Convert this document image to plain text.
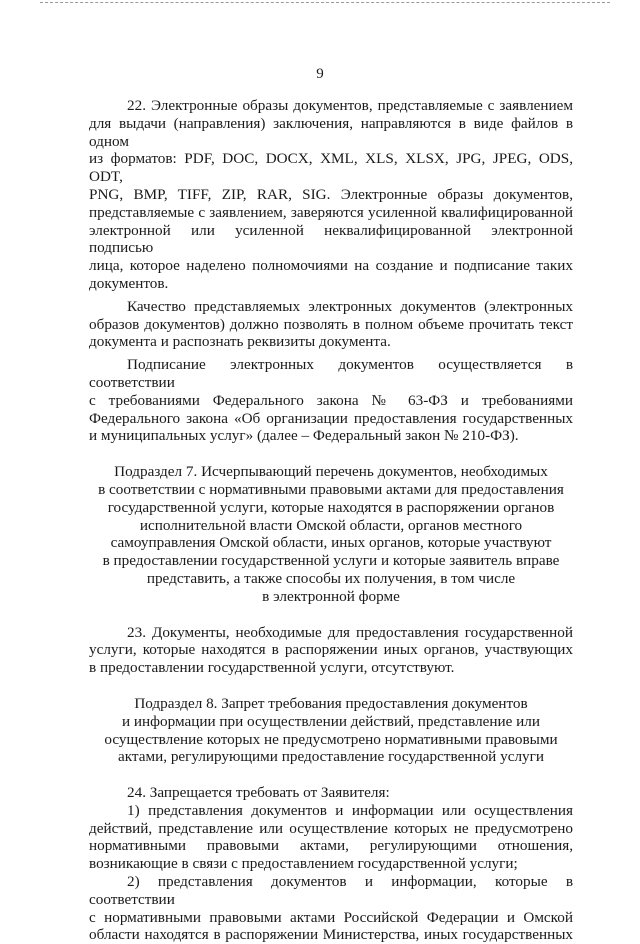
9

22. Электронные образы документов, представляемые с заявлением

для выдачи (направления) заключения, направляются в виде файлов в одном

из форматов: PDF, DOC, DOCX, XML, XLS, XLSX, JPG, JPEG, ODS, ODT,

PNG, BMP, TIFF, ZIP, RAR, SIG. Электронные образы документов,

представляемые с заявлением, заверяются усиленной квалифицированной

электронной или усиленной неквалифицированной электронной подписью

лица, которое наделено полномочиями на создание и подписание таких

документов.

Качество представляемых электронных документов (электронных

образов документов) должно позволять в полном объеме прочитать текст

документа и распознать реквизиты документа.

Подписание электронных документов осуществляется в соответствии

с требованиями Федерального закона № 63-ФЗ и требованиями

Федерального закона «Об организации предоставления государственных

и муниципальных услуг» (далее – Федеральный закон № 210-ФЗ).

Подраздел 7. Исчерпывающий перечень документов, необходимых

в соответствии с нормативными правовыми актами для предоставления

государственной услуги, которые находятся в распоряжении органов

исполнительной власти Омской области, органов местного

самоуправления Омской области, иных органов, которые участвуют

в предоставлении государственной услуги и которые заявитель вправе

представить, а также способы их получения, в том числе

в электронной форме

23. Документы, необходимые для предоставления государственной

услуги, которые находятся в распоряжении иных органов, участвующих

в предоставлении государственной услуги, отсутствуют.

Подраздел 8. Запрет требования предоставления документов

и информации при осуществлении действий, представление или

осуществление которых не предусмотрено нормативными правовыми

актами, регулирующими предоставление государственной услуги

24. Запрещается требовать от Заявителя:

1) представления документов и информации или осуществления

действий, представление или осуществление которых не предусмотрено

нормативными правовыми актами, регулирующими отношения,

возникающие в связи с предоставлением государственной услуги;

2) представления документов и информации, которые в соответствии

с нормативными правовыми актами Российской Федерации и Омской

области находятся в распоряжении Министерства, иных государственных
